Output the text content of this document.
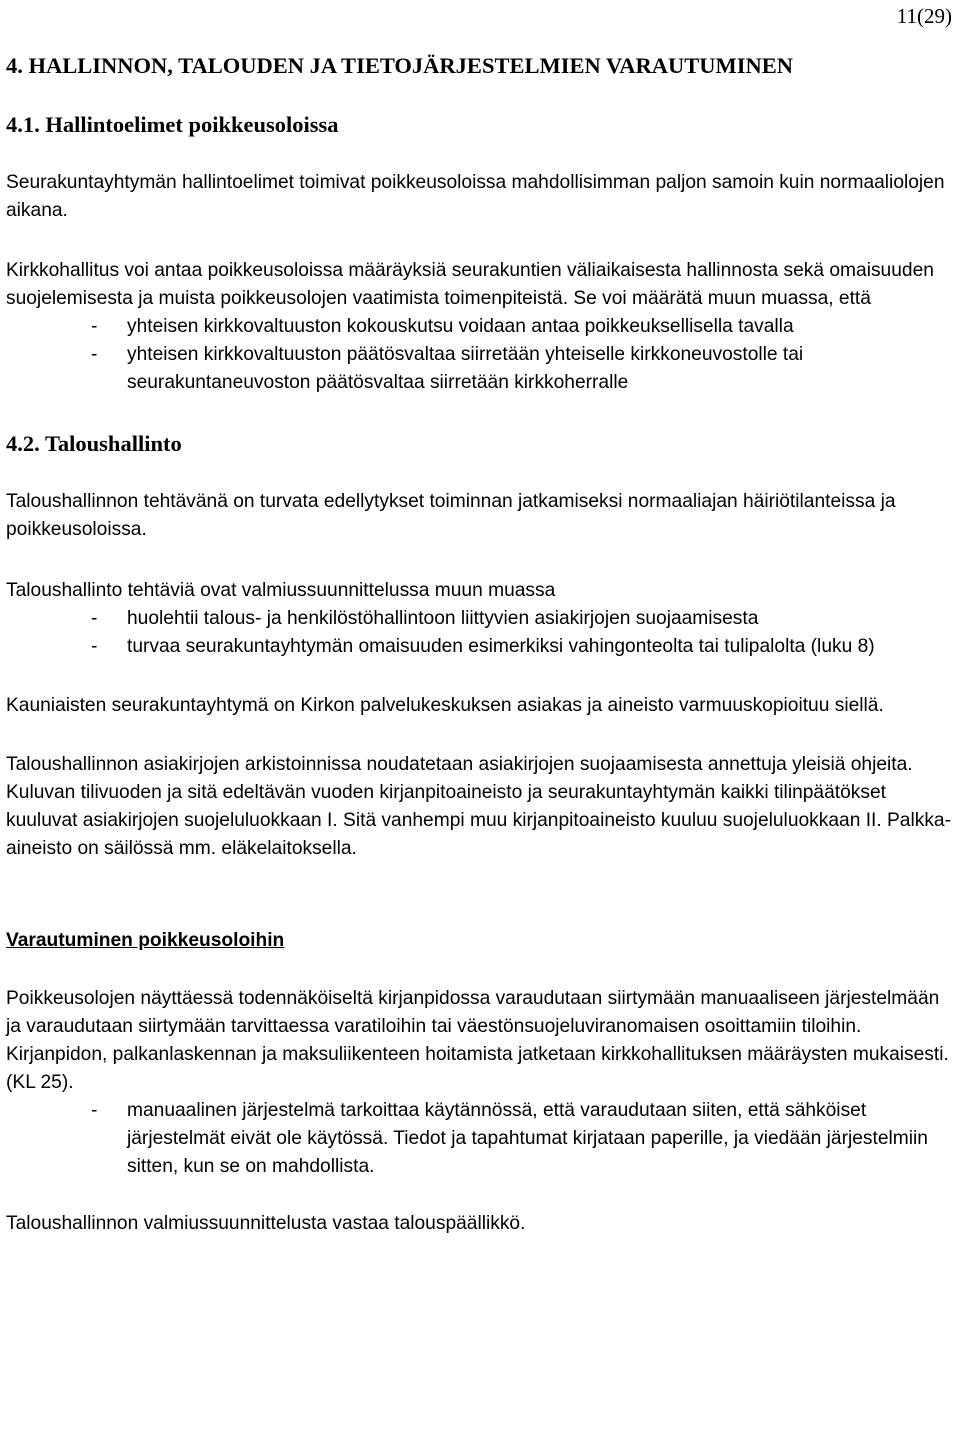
11(29)
4. HALLINNON, TALOUDEN JA TIETOJÄRJESTELMIEN VARAUTUMINEN
4.1. Hallintoelimet poikkeusoloissa

Seurakuntayhtymän hallintoelimet toimivat poikkeusoloissa mahdollisimman paljon samoin kuin normaaliolojen aikana.

Kirkkohallitus voi antaa poikkeusoloissa määräyksiä seurakuntien väliaikaisesta hallinnosta sekä omaisuuden suojelemisesta ja muista poikkeusolojen vaatimista toimenpiteistä. Se voi määrätä muun muassa, että

- yhteisen kirkkovaltuuston kokouskutsu voidaan antaa poikkeuksellisella tavalla
- yhteisen kirkkovaltuuston päätösvaltaa siirretään yhteiselle kirkkoneuvostolle tai seurakuntaneuvoston päätösvaltaa siirretään kirkkoherralle
4.2. Taloushallinto

Taloushallinnon tehtävänä on turvata edellytykset toiminnan jatkamiseksi normaaliajan häiriötilanteissa ja poikkeusoloissa.

Taloushallinto tehtäviä ovat valmiussuunnittelussa muun muassa

- huolehtii talous- ja henkilöstöhallintoon liittyvien asiakirjojen suojaamisesta
- turvaa seurakuntayhtymän omaisuuden esimerkiksi vahingonteolta tai tulipalolta (luku 8)

Kauniaisten seurakuntayhtymä on Kirkon palvelukeskuksen asiakas ja aineisto varmuuskopioituu siellä.

Taloushallinnon asiakirjojen arkistoinnissa noudatetaan asiakirjojen suojaamisesta annettuja yleisiä ohjeita. Kuluvan tilivuoden ja sitä edeltävän vuoden kirjanpitoaineisto ja seurakuntayhtymän kaikki tilinpäätökset kuuluvat asiakirjojen suojeluluokkaan I. Sitä vanhempi muu kirjanpitoaineisto kuuluu suojeluluokkaan II. Palkka-aineisto on säilössä mm. eläkelaitoksella.

Varautuminen poikkeusoloihin

Poikkeusolojen näyttäessä todennäköiseltä kirjanpidossa varaudutaan siirtymään manuaaliseen järjestelmään ja varaudutaan siirtymään tarvittaessa varatiloihin tai väestönsuojeluviranomaisen osoittamiin tiloihin. Kirjanpidon, palkanlaskennan ja maksuliikenteen hoitamista jatketaan kirkkohallituksen määräysten mukaisesti. (KL 25).

- manuaalinen järjestelmä tarkoittaa käytännössä, että varaudutaan siiten, että sähköiset järjestelmät eivät ole käytössä. Tiedot ja tapahtumat kirjataan paperille, ja viedään järjestelmiin sitten, kun se on mahdollista.

Taloushallinnon valmiussuunnittelusta vastaa talouspäällikkö.
